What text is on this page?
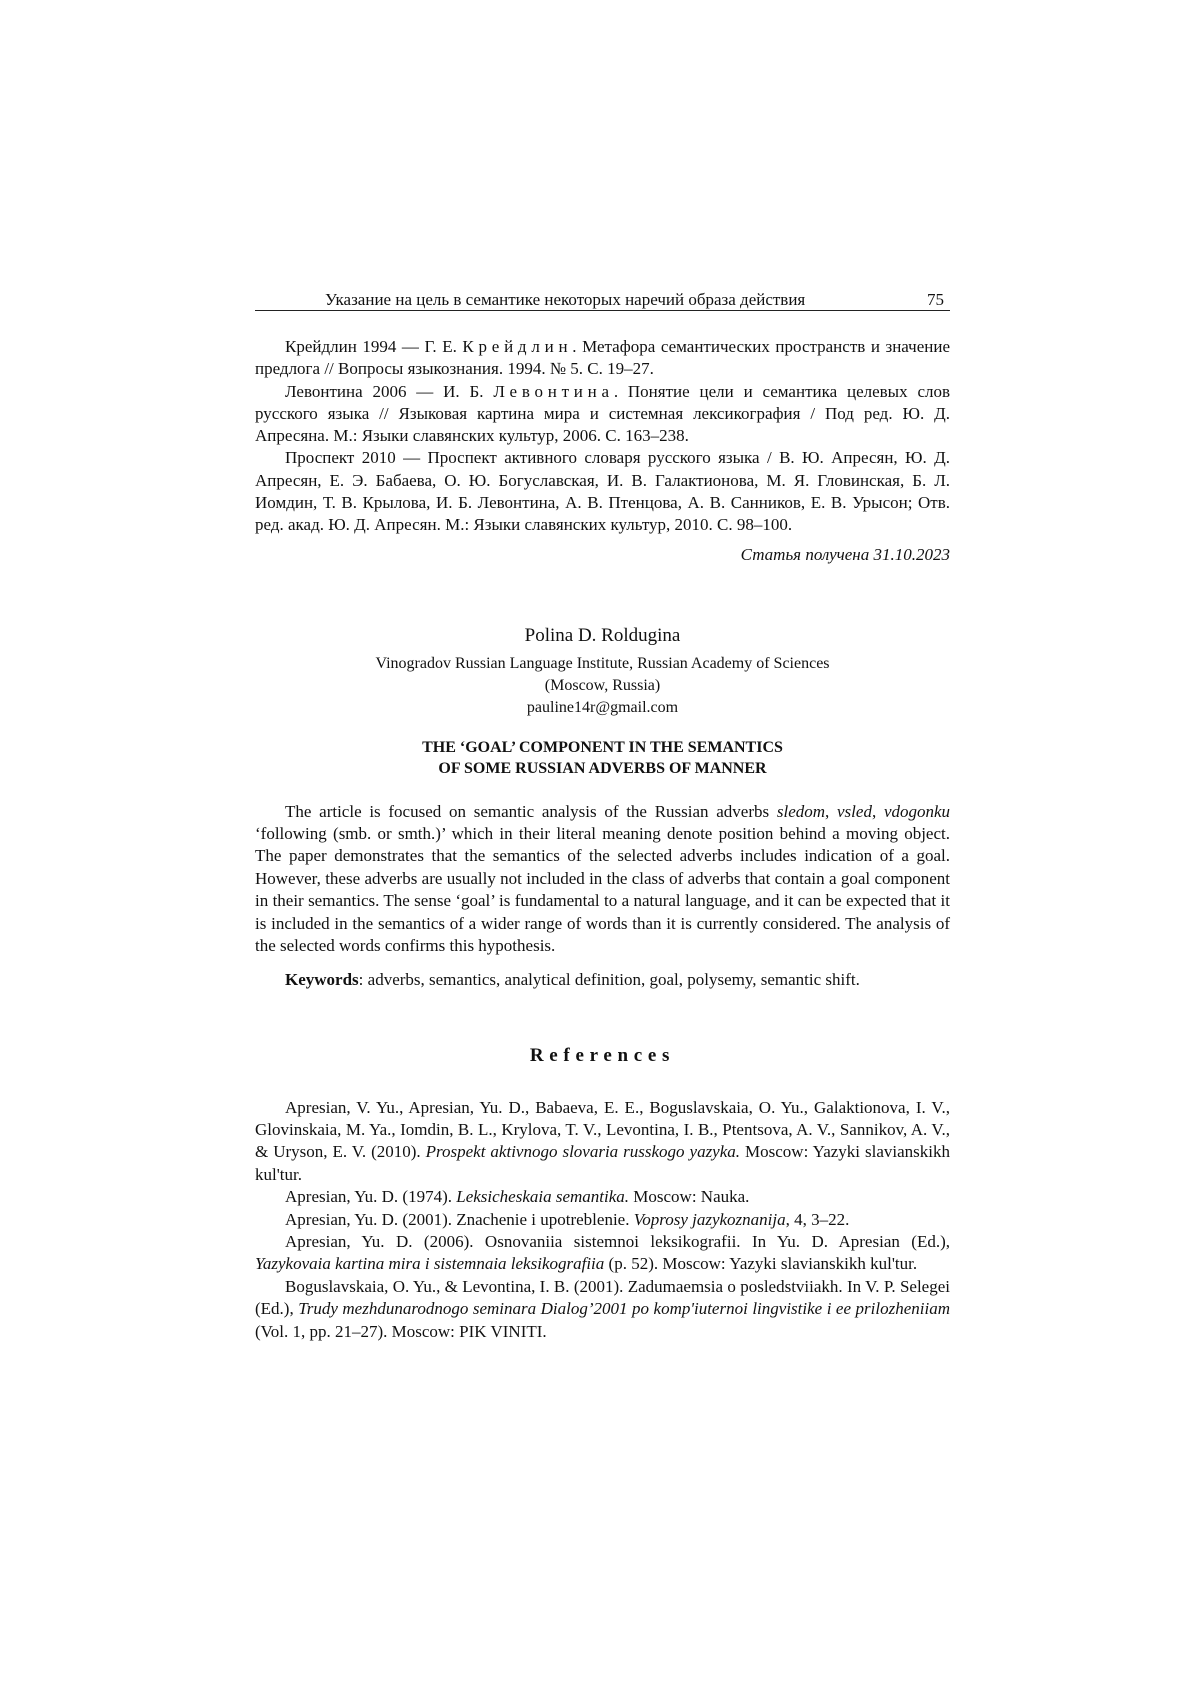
Указание на цель в семантике некоторых наречий образа действия	75

Крейдлин 1994 — Г. Е. Крейдлин. Метафора семантических пространств и значение предлога // Вопросы языкознания. 1994. № 5. С. 19–27.

Левонтина 2006 — И. Б. Левонтина. Понятие цели и семантика целевых слов русского языка // Языковая картина мира и системная лексикография / Под ред. Ю. Д. Апресяна. М.: Языки славянских культур, 2006. С. 163–238.

Проспект 2010 — Проспект активного словаря русского языка / В. Ю. Апресян, Ю. Д. Апресян, Е. Э. Бабаева, О. Ю. Богуславская, И. В. Галактионова, М. Я. Гловинская, Б. Л. Иомдин, Т. В. Крылова, И. Б. Левонтина, А. В. Птенцова, А. В. Санников, Е. В. Урысон; Отв. ред. акад. Ю. Д. Апресян. М.: Языки славянских культур, 2010. С. 98–100.

Статья получена 31.10.2023
Polina D. Roldugina
Vinogradov Russian Language Institute, Russian Academy of Sciences
(Moscow, Russia)
pauline14r@gmail.com
THE ‘GOAL’ COMPONENT IN THE SEMANTICS
OF SOME RUSSIAN ADVERBS OF MANNER

The article is focused on semantic analysis of the Russian adverbs sledom, vsled, vdogonku ‘following (smb. or smth.)’ which in their literal meaning denote position behind a moving object. The paper demonstrates that the semantics of the selected adverbs includes indication of a goal. However, these adverbs are usually not included in the class of adverbs that contain a goal component in their semantics. The sense ‘goal’ is fundamental to a natural language, and it can be expected that it is included in the semantics of a wider range of words than it is currently considered. The analysis of the selected words confirms this hypothesis.

Keywords: adverbs, semantics, analytical definition, goal, polysemy, semantic shift.
References

Apresian, V. Yu., Apresian, Yu. D., Babaeva, E. E., Boguslavskaia, O. Yu., Galaktionova, I. V., Glovinskaia, M. Ya., Iomdin, B. L., Krylova, T. V., Levontina, I. B., Ptentsova, A. V., Sannikov, A. V., & Uryson, E. V. (2010). Prospekt aktivnogo slovaria russkogo yazyka. Moscow: Yazyki slavianskikh kul'tur.

Apresian, Yu. D. (1974). Leksicheskaia semantika. Moscow: Nauka.

Apresian, Yu. D. (2001). Znachenie i upotreblenie. Voprosy jazykoznanija, 4, 3–22.

Apresian, Yu. D. (2006). Osnovaniia sistemnoi leksikografii. In Yu. D. Apresian (Ed.), Yazykovaia kartina mira i sistemnaia leksikografiia (p. 52). Moscow: Yazyki slavianskikh kul'tur.

Boguslavskaia, O. Yu., & Levontina, I. B. (2001). Zadumaemsia o posledstviiakh. In V. P. Selegei (Ed.), Trudy mezhdunarodnogo seminara Dialog’2001 po komp'iuternoi lingvistike i ee prilozheniiam (Vol. 1, pp. 21–27). Moscow: PIK VINITI.
